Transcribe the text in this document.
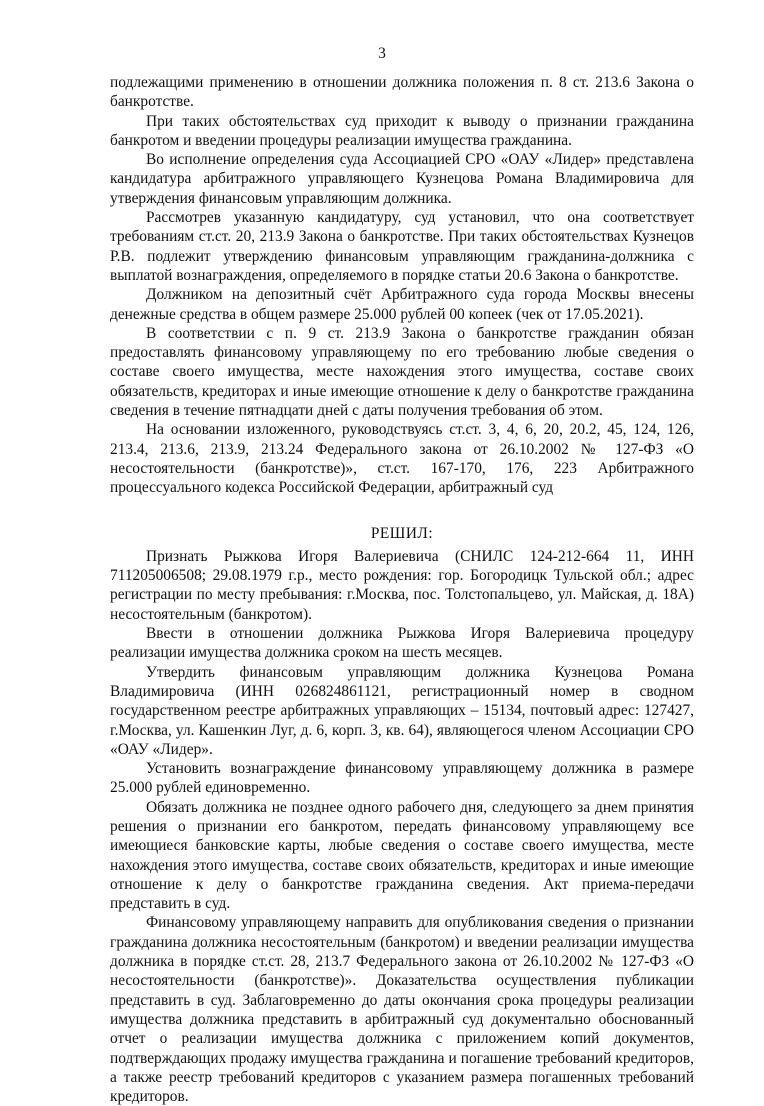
3

подлежащими применению в отношении должника положения п. 8 ст. 213.6 Закона о банкротстве.

При таких обстоятельствах суд приходит к выводу о признании гражданина банкротом и введении процедуры реализации имущества гражданина.

Во исполнение определения суда Ассоциацией СРО «ОАУ «Лидер» представлена кандидатура арбитражного управляющего Кузнецова Романа Владимировича для утверждения финансовым управляющим должника.

Рассмотрев указанную кандидатуру, суд установил, что она соответствует требованиям ст.ст. 20, 213.9 Закона о банкротстве. При таких обстоятельствах Кузнецов Р.В. подлежит утверждению финансовым управляющим гражданина-должника с выплатой вознаграждения, определяемого в порядке статьи 20.6 Закона о банкротстве.

Должником на депозитный счёт Арбитражного суда города Москвы внесены денежные средства в общем размере 25.000 рублей 00 копеек (чек от 17.05.2021).

В соответствии с п. 9 ст. 213.9 Закона о банкротстве гражданин обязан предоставлять финансовому управляющему по его требованию любые сведения о составе своего имущества, месте нахождения этого имущества, составе своих обязательств, кредиторах и иные имеющие отношение к делу о банкротстве гражданина сведения в течение пятнадцати дней с даты получения требования об этом.

На основании изложенного, руководствуясь ст.ст. 3, 4, 6, 20, 20.2, 45, 124, 126, 213.4, 213.6, 213.9, 213.24 Федерального закона от 26.10.2002 № 127-ФЗ «О несостоятельности (банкротстве)», ст.ст. 167-170, 176, 223 Арбитражного процессуального кодекса Российской Федерации, арбитражный суд

РЕШИЛ:

Признать Рыжкова Игоря Валериевича (СНИЛС 124-212-664 11, ИНН 711205006508; 29.08.1979 г.р., место рождения: гор. Богородицк Тульской обл.; адрес регистрации по месту пребывания: г.Москва, пос. Толстопальцево, ул. Майская, д. 18А) несостоятельным (банкротом).

Ввести в отношении должника Рыжкова Игоря Валериевича процедуру реализации имущества должника сроком на шесть месяцев.

Утвердить финансовым управляющим должника Кузнецова Романа Владимировича (ИНН 026824861121, регистрационный номер в сводном государственном реестре арбитражных управляющих – 15134, почтовый адрес: 127427, г.Москва, ул. Кашенкин Луг, д. 6, корп. 3, кв. 64), являющегося членом Ассоциации СРО «ОАУ «Лидер».

Установить вознаграждение финансовому управляющему должника в размере 25.000 рублей единовременно.

Обязать должника не позднее одного рабочего дня, следующего за днем принятия решения о признании его банкротом, передать финансовому управляющему все имеющиеся банковские карты, любые сведения о составе своего имущества, месте нахождения этого имущества, составе своих обязательств, кредиторах и иные имеющие отношение к делу о банкротстве гражданина сведения. Акт приема-передачи представить в суд.

Финансовому управляющему направить для опубликования сведения о признании гражданина должника несостоятельным (банкротом) и введении реализации имущества должника в порядке ст.ст. 28, 213.7 Федерального закона от 26.10.2002 № 127-ФЗ «О несостоятельности (банкротстве)». Доказательства осуществления публикации представить в суд. Заблаговременно до даты окончания срока процедуры реализации имущества должника представить в арбитражный суд документально обоснованный отчет о реализации имущества должника с приложением копий документов, подтверждающих продажу имущества гражданина и погашение требований кредиторов, а также реестр требований кредиторов с указанием размера погашенных требований кредиторов.
